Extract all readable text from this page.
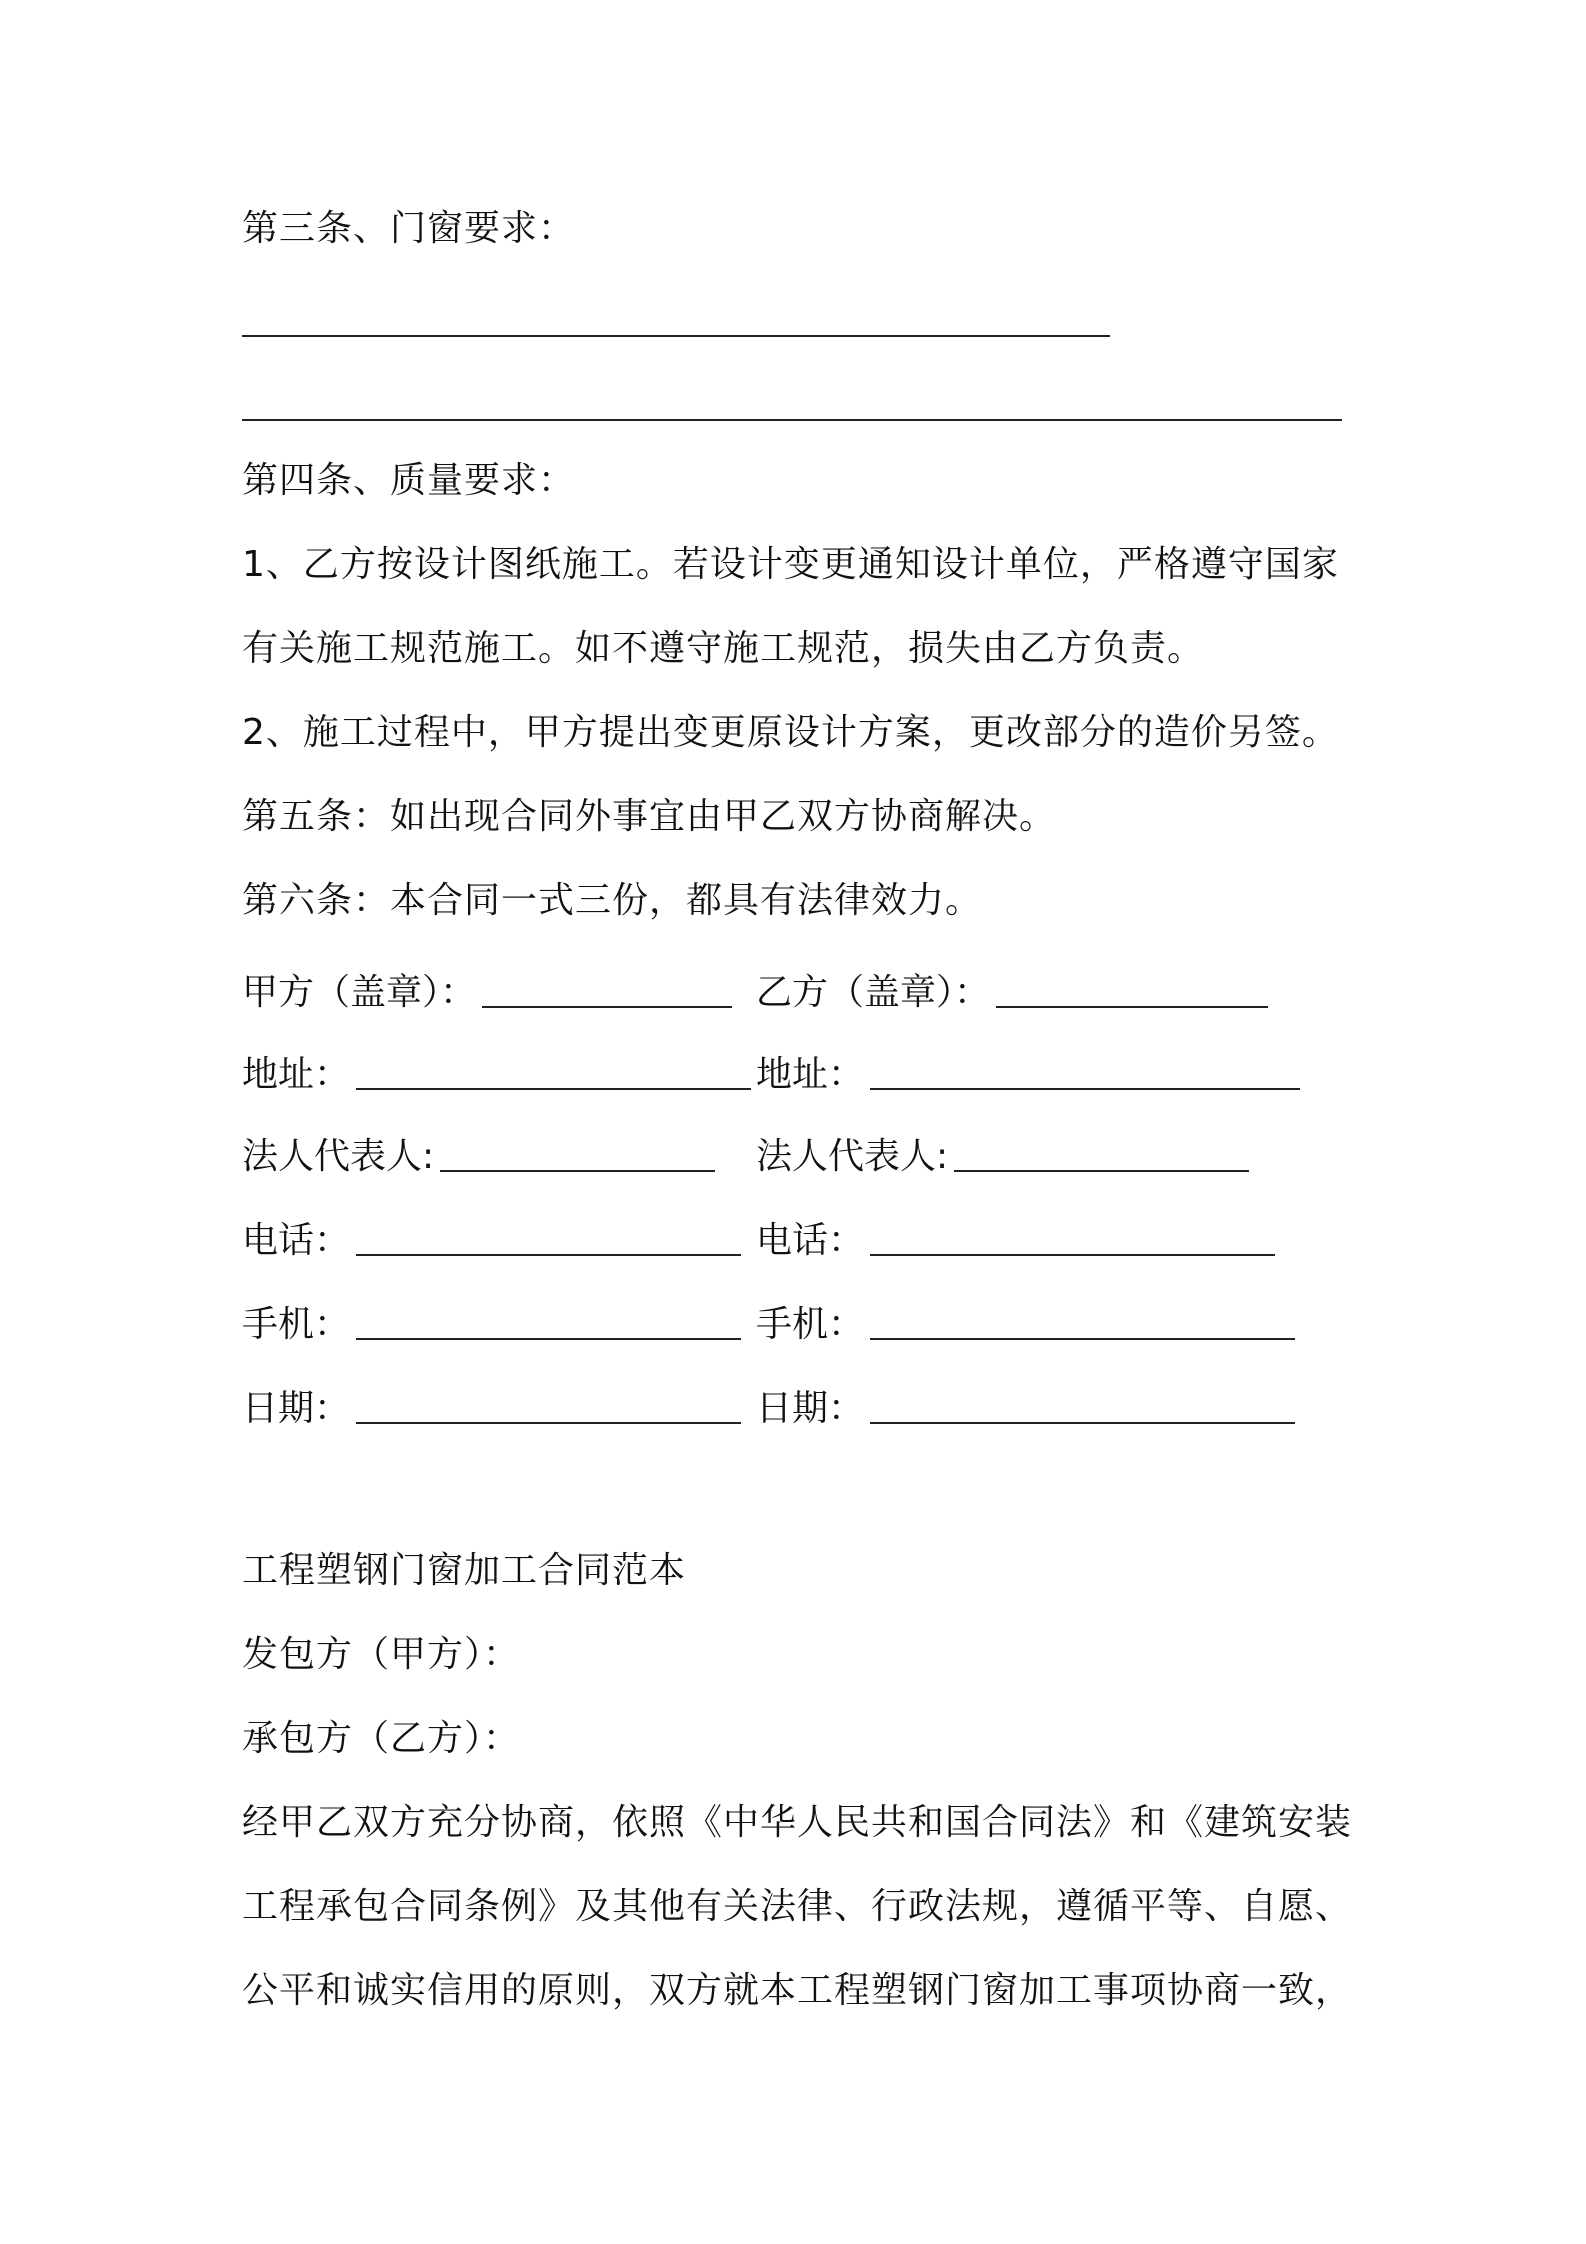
第三条、门窗要求：
第四条、质量要求：
1、乙方按设计图纸施工。若设计变更通知设计单位，严格遵守国家
有关施工规范施工。如不遵守施工规范，损失由乙方负责。
2、施工过程中，甲方提出变更原设计方案，更改部分的造价另签。
第五条：如出现合同外事宜由甲乙双方协商解决。
第六条：本合同一式三份，都具有法律效力。
甲方（盖章）：	乙方（盖章）：
地址：	地址：
法人代表人:	法人代表人:
电话：	电话：
手机：	手机：
日期：	日期：
工程塑钢门窗加工合同范本
发包方（甲方）：
承包方（乙方）：
经甲乙双方充分协商，依照《中华人民共和国合同法》和《建筑安装
工程承包合同条例》及其他有关法律、行政法规，遵循平等、自愿、
公平和诚实信用的原则，双方就本工程塑钢门窗加工事项协商一致，
